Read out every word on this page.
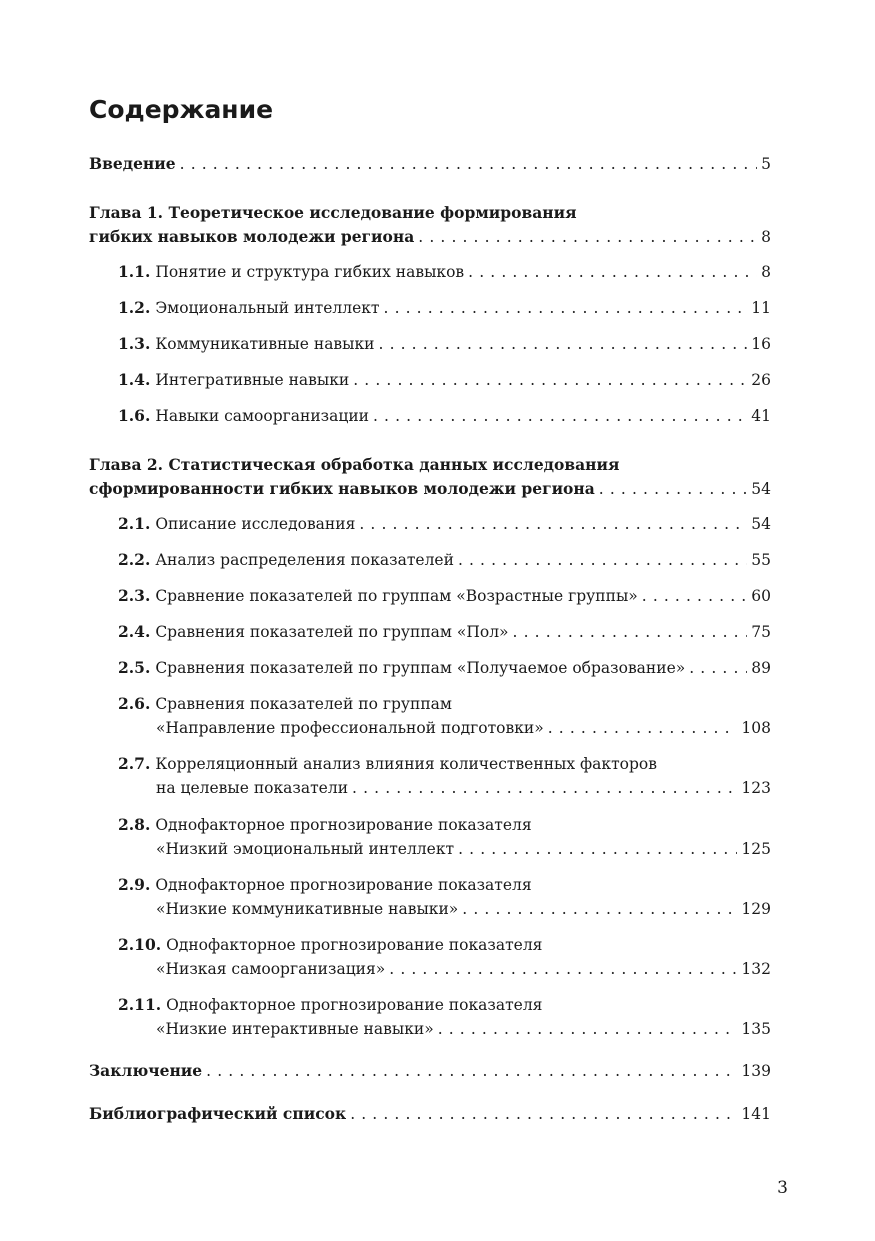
Содержание
Введение . . .	5
Глава 1. Теоретическое исследование формирования
гибких навыков молодежи региона . . .	8
1.1. Понятие и структура гибких навыков . . .	8
1.2. Эмоциональный интеллект . . .	11
1.3. Коммуникативные навыки . . .	16
1.4. Интегративные навыки . . .	26
1.6. Навыки самоорганизации . . .	41
Глава 2. Статистическая обработка данных исследования
сформированности гибких навыков молодежи региона . . .	54
2.1. Описание исследования . . .	54
2.2. Анализ распределения показателей . . .	55
2.3. Сравнение показателей по группам «Возрастные группы» . . .	60
2.4. Сравнения показателей по группам «Пол» . . .	75
2.5. Сравнения показателей по группам «Получаемое образование» . . .	89
2.6. Сравнения показателей по группам
«Направление профессиональной подготовки» . . .	108
2.7. Корреляционный анализ влияния количественных факторов
на целевые показатели . . .	123
2.8. Однофакторное прогнозирование показателя
«Низкий эмоциональный интеллект . . .	125
2.9. Однофакторное прогнозирование показателя
«Низкие коммуникативные навыки» . . .	129
2.10. Однофакторное прогнозирование показателя
«Низкая самоорганизация» . . .	132
2.11. Однофакторное прогнозирование показателя
«Низкие интерактивные навыки» . . .	135
Заключение . . .	139
Библиографический список . . .	141
3
